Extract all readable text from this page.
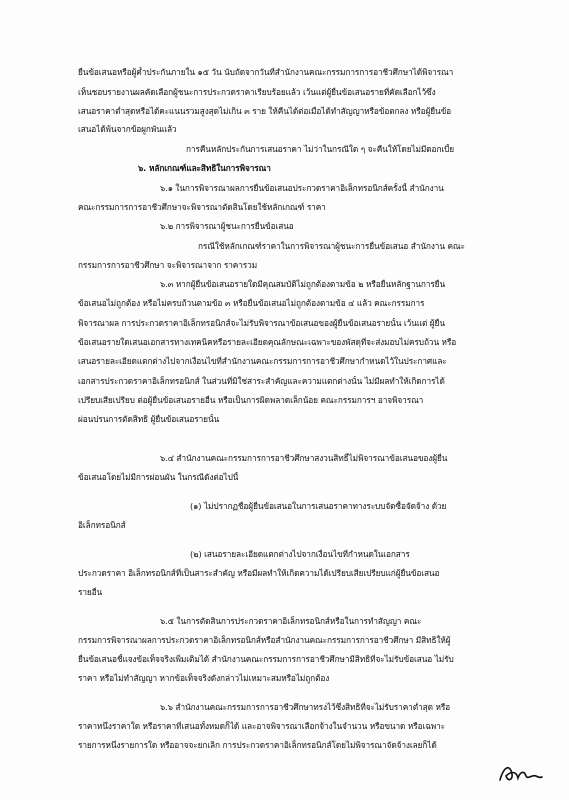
ยื่นข้อเสนอหรือผู้ค้ำประกันภายใน ๑๕ วัน นับถัดจากวันที่สำนักงานคณะกรรมการการอาชีวศึกษาได้พิจารณา
เห็นชอบรายงานผลคัดเลือกผู้ชนะการประกวดราคาเรียบร้อยแล้ว เว้นแต่ผู้ยื่นข้อเสนอรายที่คัดเลือกไว้ซึ่ง
เสนอราคาต่ำสุดหรือได้คะแนนรวมสูงสุดไม่เกิน ๓ ราย ให้คืนได้ต่อเมื่อได้ทำสัญญาหรือข้อตกลง หรือผู้ยื่นข้อ
เสนอได้พ้นจากข้อผูกพันแล้ว
การคืนหลักประกันการเสนอราคา ไม่ว่าในกรณีใด ๆ จะคืนให้โดยไม่มีดอกเบี้ย
๖. หลักเกณฑ์และสิทธิในการพิจารณา
๖.๑ ในการพิจารณาผลการยื่นข้อเสนอประกวดราคาอิเล็กทรอนิกส์ครั้งนี้ สำนักงาน
คณะกรรมการการอาชีวศึกษาจะพิจารณาตัดสินโดยใช้หลักเกณฑ์ ราคา
๖.๒ การพิจารณาผู้ชนะการยื่นข้อเสนอ
กรณีใช้หลักเกณฑ์ราคาในการพิจารณาผู้ชนะการยื่นข้อเสนอ สำนักงาน คณะ
กรรมการการอาชีวศึกษา จะพิจารณาจาก ราคารวม
๖.๓ หากผู้ยื่นข้อเสนอรายใดมีคุณสมบัติไม่ถูกต้องตามข้อ ๒ หรือยื่นหลักฐานการยื่น
ข้อเสนอไม่ถูกต้อง หรือไม่ครบถ้วนตามข้อ ๓ หรือยื่นข้อเสนอไม่ถูกต้องตามข้อ ๔ แล้ว คณะกรรมการ
พิจารณาผล การประกวดราคาอิเล็กทรอนิกส์จะไม่รับพิจารณาข้อเสนอของผู้ยื่นข้อเสนอรายนั้น เว้นแต่ ผู้ยื่น
ข้อเสนอรายใดเสนอเอกสารทางเทคนิคหรือรายละเอียดคุณลักษณะเฉพาะของพัสดุที่จะส่งมอบไม่ครบถ้วน หรือ
เสนอรายละเอียดแตกต่างไปจากเงื่อนไขที่สำนักงานคณะกรรมการการอาชีวศึกษากำหนดไว้ในประกาศและ
เอกสารประกวดราคาอิเล็กทรอนิกส์ ในส่วนที่มิใช่สาระสำคัญและความแตกต่างนั้น ไม่มีผลทำให้เกิดการได้
เปรียบเสียเปรียบ ต่อผู้ยื่นข้อเสนอรายอื่น หรือเป็นการผิดพลาดเล็กน้อย คณะกรรมการฯ อาจพิจารณา
ผ่อนปรนการตัดสิทธิ ผู้ยื่นข้อเสนอรายนั้น
๖.๔ สำนักงานคณะกรรมการการอาชีวศึกษาสงวนสิทธิ์ไม่พิจารณาข้อเสนอของผู้ยื่น
ข้อเสนอโดยไม่มีการผ่อนผัน ในกรณีดังต่อไปนี้
(๑) ไม่ปรากฏชื่อผู้ยื่นข้อเสนอในการเสนอราคาทางระบบจัดซื้อจัดจ้าง ด้วย
อิเล็กทรอนิกส์
(๒) เสนอรายละเอียดแตกต่างไปจากเงื่อนไขที่กำหนดในเอกสาร
ประกวดราคา อิเล็กทรอนิกส์ที่เป็นสาระสำคัญ หรือมีผลทำให้เกิดความได้เปรียบเสียเปรียบแก่ผู้ยื่นข้อเสนอ
รายอื่น
๖.๕ ในการตัดสินการประกวดราคาอิเล็กทรอนิกส์หรือในการทำสัญญา คณะ
กรรมการพิจารณาผลการประกวดราคาอิเล็กทรอนิกส์หรือสำนักงานคณะกรรมการการอาชีวศึกษา มีสิทธิให้ผู้
ยื่นข้อเสนอชี้แจงข้อเท็จจริงเพิ่มเติมได้ สำนักงานคณะกรรมการการอาชีวศึกษามีสิทธิที่จะไม่รับข้อเสนอ ไม่รับ
ราคา หรือไม่ทำสัญญา หากข้อเท็จจริงดังกล่าวไม่เหมาะสมหรือไม่ถูกต้อง
๖.๖ สำนักงานคณะกรรมการการอาชีวศึกษาทรงไว้ซึ่งสิทธิที่จะไม่รับราคาต่ำสุด หรือ
ราคาหนึ่งราคาใด หรือราคาที่เสนอทั้งหมดก็ได้ และอาจพิจารณาเลือกจ้างในจำนวน หรือขนาด หรือเฉพาะ
รายการหนึ่งรายการใด หรืออาจจะยกเลิก การประกวดราคาอิเล็กทรอนิกส์โดยไม่พิจารณาจัดจ้างเลยก็ได้
